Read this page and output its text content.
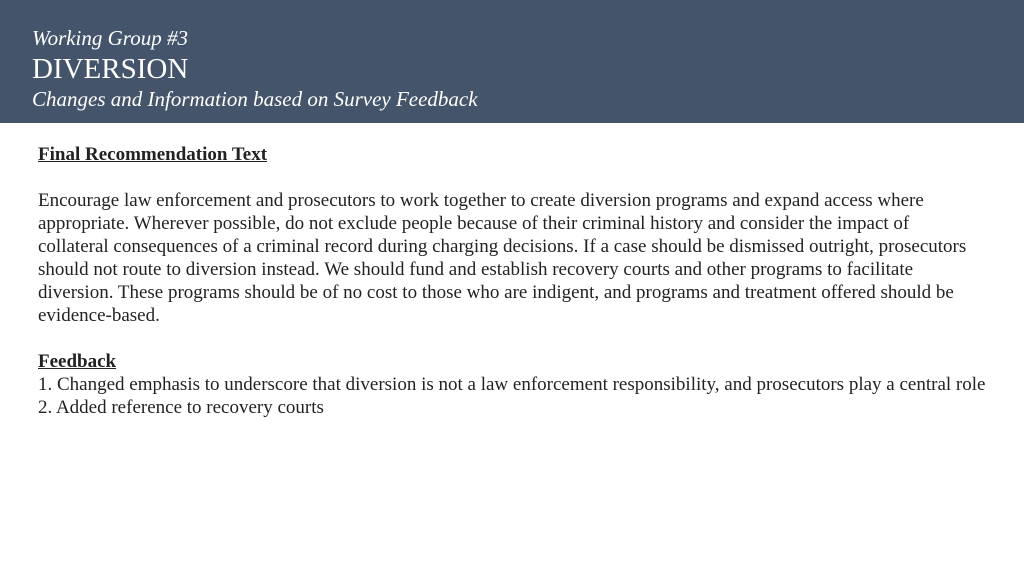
Working Group #3
DIVERSION
Changes and Information based on Survey Feedback
Final Recommendation Text
Encourage law enforcement and prosecutors to work together to create diversion programs and expand access where appropriate. Wherever possible, do not exclude people because of their criminal history and consider the impact of collateral consequences of a criminal record during charging decisions. If a case should be dismissed outright, prosecutors should not route to diversion instead. We should fund and establish recovery courts and other programs to facilitate diversion. These programs should be of no cost to those who are indigent, and programs and treatment offered should be evidence-based.
Feedback
1. Changed emphasis to underscore that diversion is not a law enforcement responsibility, and prosecutors play a central role
2. Added reference to recovery courts
